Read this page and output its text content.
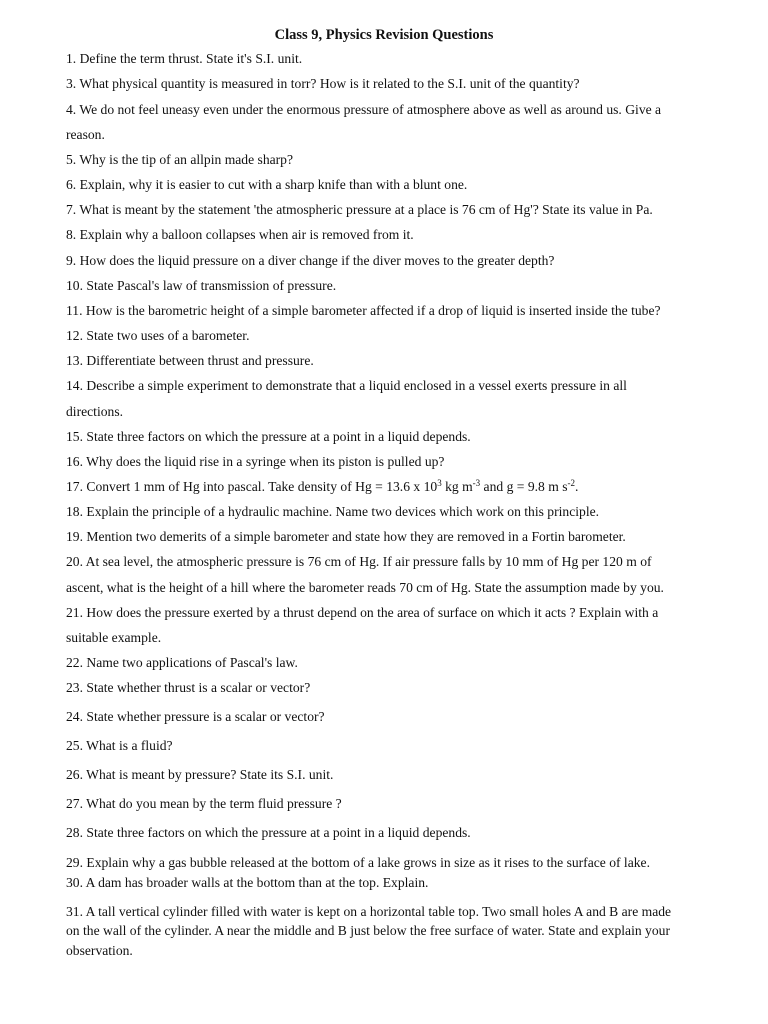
Class 9, Physics Revision Questions

1. Define the term thrust. State it's S.I. unit.

3. What physical quantity is measured in torr? How is it related to the S.I. unit of the quantity?

4. We do not feel uneasy even under the enormous pressure of atmosphere above as well as around us. Give a

reason.

5. Why is the tip of an allpin made sharp?

6. Explain, why it is easier to cut with a sharp knife than with a blunt one.

7. What is meant by the statement 'the atmospheric pressure at a place is 76 cm of Hg'? State its value in Pa.

8. Explain why a balloon collapses when air is removed from it.

9. How does the liquid pressure on a diver change if the diver moves to the greater depth?

10. State Pascal's law of transmission of pressure.

11. How is the barometric height of a simple barometer affected if a drop of liquid is inserted inside the tube?

12. State two uses of a barometer.

13. Differentiate between thrust and pressure.

14. Describe a simple experiment to demonstrate that a liquid enclosed in a vessel exerts pressure in all

directions.

15. State three factors on which the pressure at a point in a liquid depends.

16. Why does the liquid rise in a syringe when its piston is pulled up?

17. Convert 1 mm of Hg into pascal. Take density of Hg = 13.6 x $10^3$ kg $m^{-3}$ and g = 9.8 m $s^{-2}$.

18. Explain the principle of a hydraulic machine. Name two devices which work on this principle.

19. Mention two demerits of a simple barometer and state how they are removed in a Fortin barometer.

20. At sea level, the atmospheric pressure is 76 cm of Hg. If air pressure falls by 10 mm of Hg per 120 m of

ascent, what is the height of a hill where the barometer reads 70 cm of Hg. State the assumption made by you.

21. How does the pressure exerted by a thrust depend on the area of surface on which it acts ? Explain with a

suitable example.

22. Name two applications of Pascal's law.

23. State whether thrust is a scalar or vector?

24. State whether pressure is a scalar or vector?

25. What is a fluid?

26. What is meant by pressure? State its S.I. unit.

27. What do you mean by the term fluid pressure ?

28. State three factors on which the pressure at a point in a liquid depends.

29. Explain why a gas bubble released at the bottom of a lake grows in size as it rises to the surface of lake.

30. A dam has broader walls at the bottom than at the top. Explain.

31. A tall vertical cylinder filled with water is kept on a horizontal table top. Two small holes A and B are made

on the wall of the cylinder. A near the middle and B just below the free surface of water. State and explain your

observation.
